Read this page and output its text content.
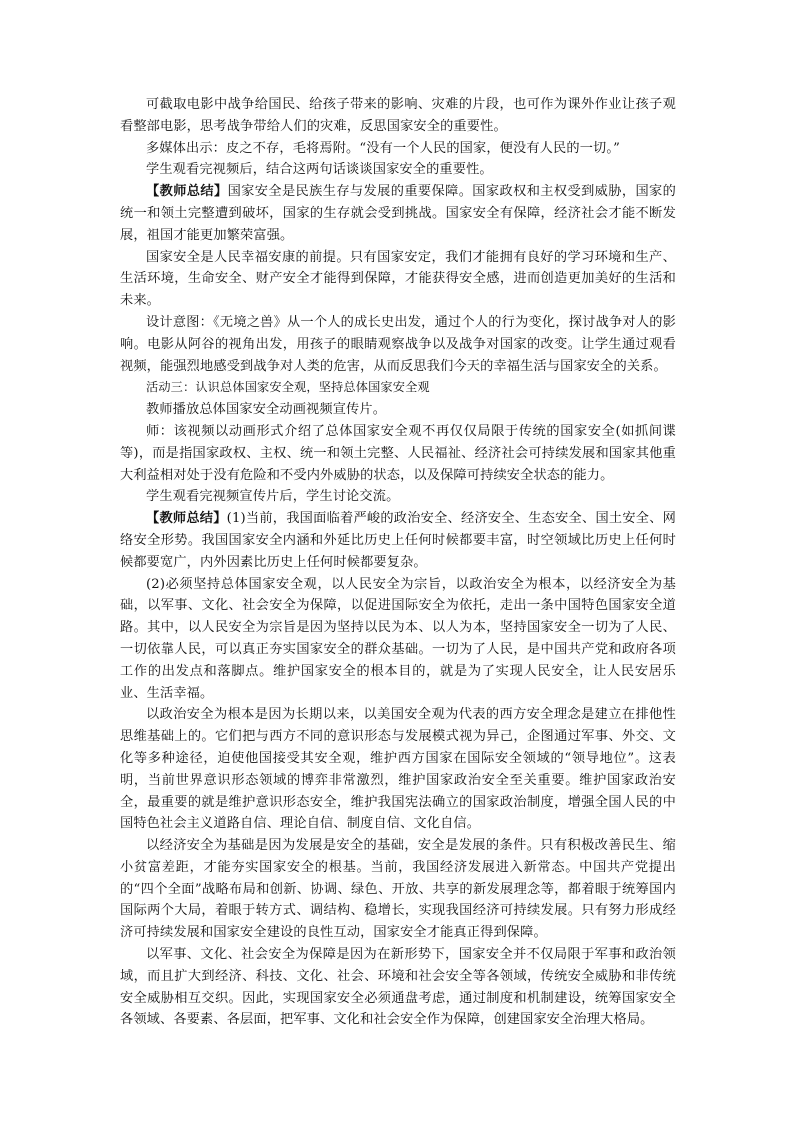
可截取电影中战争给国民、给孩子带来的影响、灾难的片段，也可作为课外作业让孩子观看整部电影，思考战争带给人们的灾难，反思国家安全的重要性。

多媒体出示：皮之不存，毛将焉附。“没有一个人民的国家，便没有人民的一切。”

学生观看完视频后，结合这两句话谈谈国家安全的重要性。

【教师总结】国家安全是民族生存与发展的重要保障。国家政权和主权受到威胁，国家的统一和领土完整遭到破坏，国家的生存就会受到挑战。国家安全有保障，经济社会才能不断发展，祖国才能更加繁荣富强。

国家安全是人民幸福安康的前提。只有国家安定，我们才能拥有良好的学习环境和生产、生活环境，生命安全、财产安全才能得到保障，才能获得安全感，进而创造更加美好的生活和未来。

设计意图：《无境之兽》从一个人的成长史出发，通过个人的行为变化，探讨战争对人的影响。电影从阿谷的视角出发，用孩子的眼睛观察战争以及战争对国家的改变。让学生通过观看视频，能强烈地感受到战争对人类的危害，从而反思我们今天的幸福生活与国家安全的关系。

活动三：认识总体国家安全观，坚持总体国家安全观

教师播放总体国家安全动画视频宣传片。

师：该视频以动画形式介绍了总体国家安全观不再仅仅局限于传统的国家安全(如抓间谍等)，而是指国家政权、主权、统一和领土完整、人民福祉、经济社会可持续发展和国家其他重大利益相对处于没有危险和不受内外威胁的状态，以及保障可持续安全状态的能力。

学生观看完视频宣传片后，学生讨论交流。

【教师总结】(1)当前，我国面临着严峻的政治安全、经济安全、生态安全、国土安全、网络安全形势。我国国家安全内涵和外延比历史上任何时候都要丰富，时空领域比历史上任何时候都要宽广，内外因素比历史上任何时候都要复杂。

(2)必须坚持总体国家安全观，以人民安全为宗旨，以政治安全为根本，以经济安全为基础，以军事、文化、社会安全为保障，以促进国际安全为依托，走出一条中国特色国家安全道路。其中，以人民安全为宗旨是因为坚持以民为本、以人为本，坚持国家安全一切为了人民、一切依靠人民，可以真正夯实国家安全的群众基础。一切为了人民，是中国共产党和政府各项工作的出发点和落脚点。维护国家安全的根本目的，就是为了实现人民安全，让人民安居乐业、生活幸福。

以政治安全为根本是因为长期以来，以美国安全观为代表的西方安全理念是建立在排他性思维基础上的。它们把与西方不同的意识形态与发展模式视为异己，企图通过军事、外交、文化等多种途径，迫使他国接受其安全观，维护西方国家在国际安全领域的“领导地位”。这表明，当前世界意识形态领域的博弈非常激烈，维护国家政治安全至关重要。维护国家政治安全，最重要的就是维护意识形态安全，维护我国宪法确立的国家政治制度，增强全国人民的中国特色社会主义道路自信、理论自信、制度自信、文化自信。

以经济安全为基础是因为发展是安全的基础，安全是发展的条件。只有积极改善民生、缩小贫富差距，才能夯实国家安全的根基。当前，我国经济发展进入新常态。中国共产党提出的“四个全面”战略布局和创新、协调、绿色、开放、共享的新发展理念等，都着眼于统筹国内国际两个大局，着眼于转方式、调结构、稳增长，实现我国经济可持续发展。只有努力形成经济可持续发展和国家安全建设的良性互动，国家安全才能真正得到保障。

以军事、文化、社会安全为保障是因为在新形势下，国家安全并不仅局限于军事和政治领域，而且扩大到经济、科技、文化、社会、环境和社会安全等各领域，传统安全威胁和非传统安全威胁相互交织。因此，实现国家安全必须通盘考虑，通过制度和机制建设，统筹国家安全各领域、各要素、各层面，把军事、文化和社会安全作为保障，创建国家安全治理大格局。
